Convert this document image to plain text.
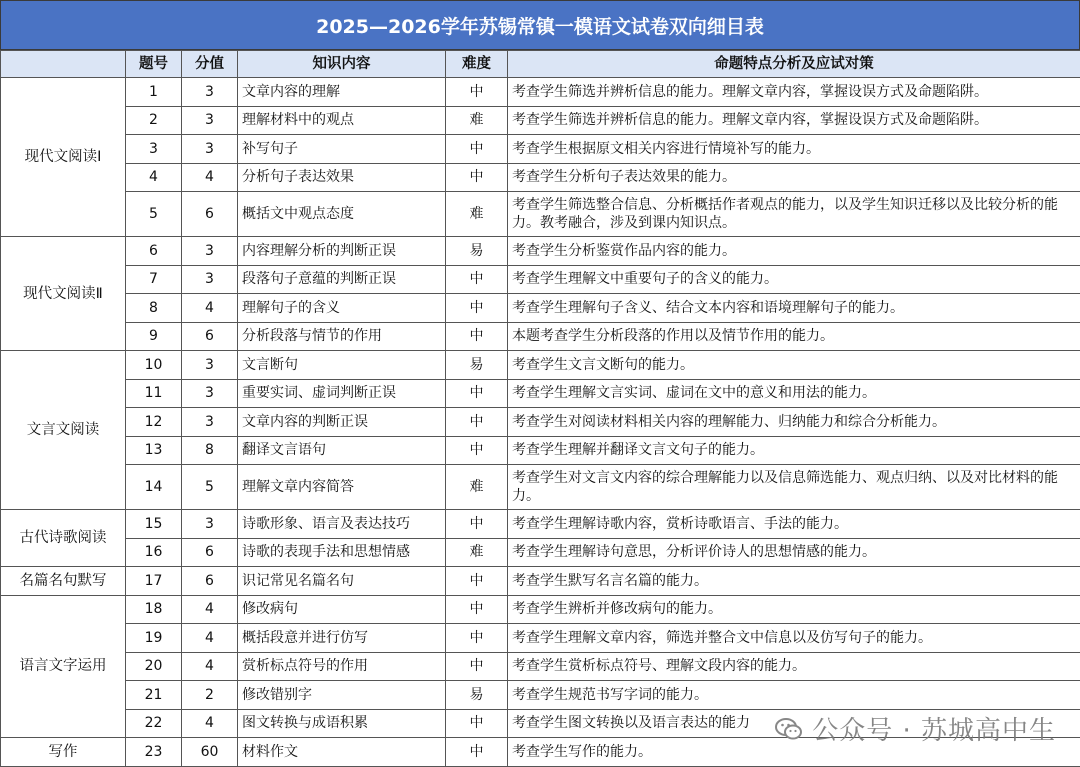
2025—2026学年苏锡常镇一模语文试卷双向细目表
	题号	分值	知识内容	难度	命题特点分析及应试对策
现代文阅读Ⅰ	1	3	文章内容的理解	中	考查学生筛选并辨析信息的能力。理解文章内容，掌握设误方式及命题陷阱。
	2	3	理解材料中的观点	难	考查学生筛选并辨析信息的能力。理解文章内容，掌握设误方式及命题陷阱。
	3	3	补写句子	中	考查学生根据原文相关内容进行情境补写的能力。
	4	4	分析句子表达效果	中	考查学生分析句子表达效果的能力。
	5	6	概括文中观点态度	难	考查学生筛选整合信息、分析概括作者观点的能力，以及学生知识迁移以及比较分析的能力。教考融合，涉及到课内知识点。
现代文阅读Ⅱ	6	3	内容理解分析的判断正误	易	考查学生分析鉴赏作品内容的能力。
	7	3	段落句子意蕴的判断正误	中	考查学生理解文中重要句子的含义的能力。
	8	4	理解句子的含义	中	考查学生理解句子含义、结合文本内容和语境理解句子的能力。
	9	6	分析段落与情节的作用	中	本题考查学生分析段落的作用以及情节作用的能力。
文言文阅读	10	3	文言断句	易	考查学生文言文断句的能力。
	11	3	重要实词、虚词判断正误	中	考查学生理解文言实词、虚词在文中的意义和用法的能力。
	12	3	文章内容的判断正误	中	考查学生对阅读材料相关内容的理解能力、归纳能力和综合分析能力。
	13	8	翻译文言语句	中	考查学生理解并翻译文言文句子的能力。
	14	5	理解文章内容简答	难	考查学生对文言文内容的综合理解能力以及信息筛选能力、观点归纳、以及对比材料的能力。
古代诗歌阅读	15	3	诗歌形象、语言及表达技巧	中	考查学生理解诗歌内容，赏析诗歌语言、手法的能力。
	16	6	诗歌的表现手法和思想情感	难	考查学生理解诗句意思，分析评价诗人的思想情感的能力。
名篇名句默写	17	6	识记常见名篇名句	中	考查学生默写名言名篇的能力。
语言文字运用	18	4	修改病句	中	考查学生辨析并修改病句的能力。
	19	4	概括段意并进行仿写	中	考查学生理解文章内容，筛选并整合文中信息以及仿写句子的能力。
	20	4	赏析标点符号的作用	中	考查学生赏析标点符号、理解文段内容的能力。
	21	2	修改错别字	易	考查学生规范书写字词的能力。
	22	4	图文转换与成语积累	中	考查学生图文转换以及语言表达的能力
写作	23	60	材料作文	中	考查学生写作的能力。
公众号 · 苏城高中生
